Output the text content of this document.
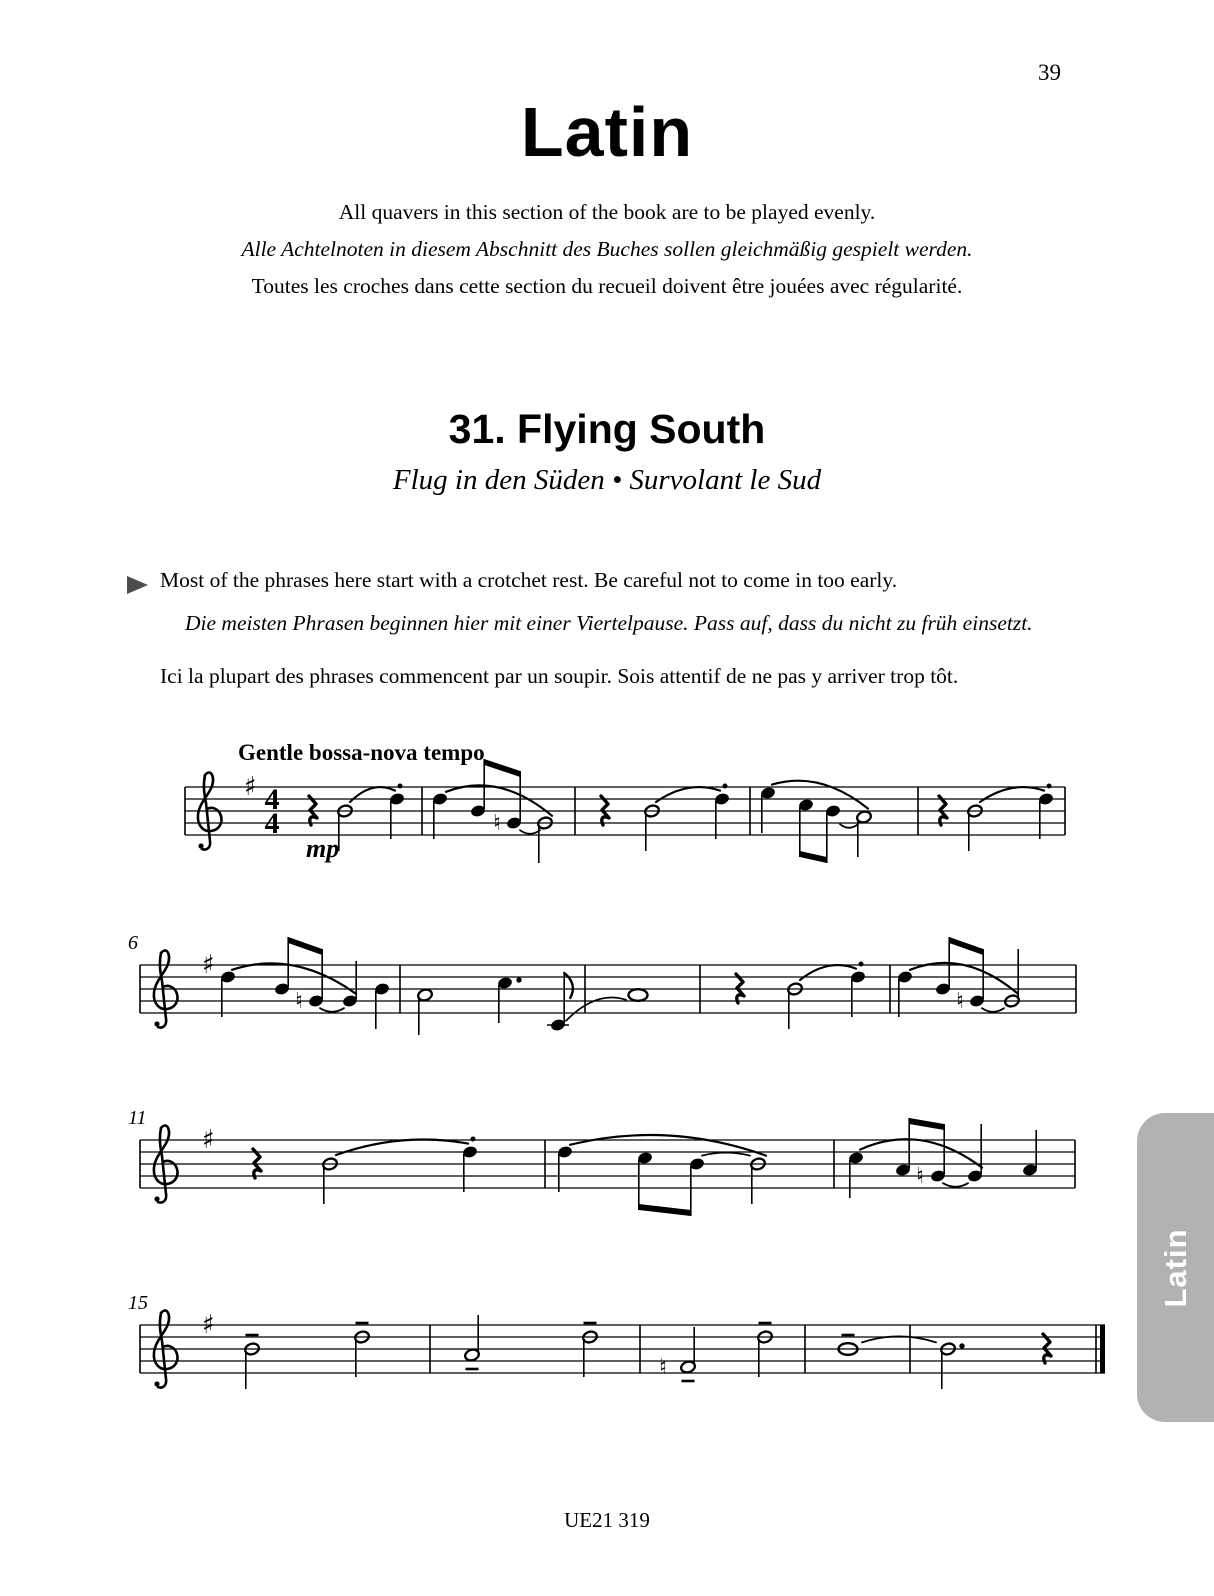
39
Latin
All quavers in this section of the book are to be played evenly.
Alle Achtelnoten in diesem Abschnitt des Buches sollen gleichmäßig gespielt werden.
Toutes les croches dans cette section du recueil doivent être jouées avec régularité.
31. Flying South
Flug in den Süden • Survolant le Sud
Most of the phrases here start with a crotchet rest. Be careful not to come in too early.
Die meisten Phrasen beginnen hier mit einer Viertelpause. Pass auf, dass du nicht zu früh einsetzt.
Ici la plupart des phrases commencent par un soupir. Sois attentif de ne pas y arriver trop tôt.
Gentle bossa-nova tempo
mp
♯ 4
4	♮
6
♯
♮	♮
11
♯
♮
15
♯
♮
Latin
UE21 319
